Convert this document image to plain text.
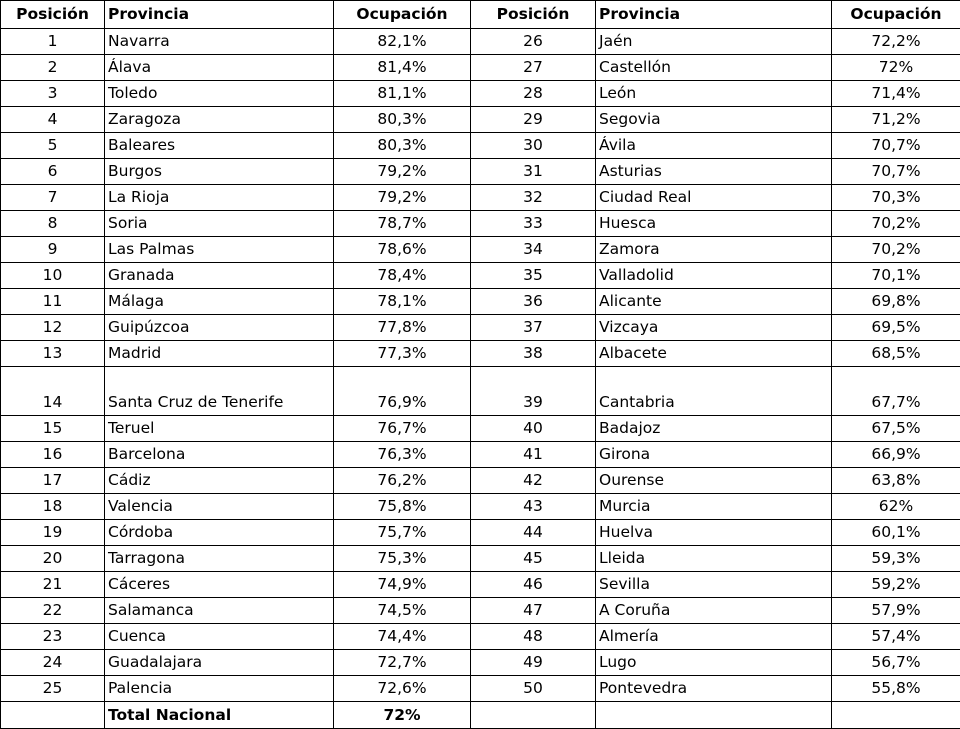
Posición	Provincia	Ocupación	Posición	Provincia	Ocupación
1	Navarra	82,1%	26	Jaén	72,2%
2	Álava	81,4%	27	Castellón	72%
3	Toledo	81,1%	28	León	71,4%
4	Zaragoza	80,3%	29	Segovia	71,2%
5	Baleares	80,3%	30	Ávila	70,7%
6	Burgos	79,2%	31	Asturias	70,7%
7	La Rioja	79,2%	32	Ciudad Real	70,3%
8	Soria	78,7%	33	Huesca	70,2%
9	Las Palmas	78,6%	34	Zamora	70,2%
10	Granada	78,4%	35	Valladolid	70,1%
11	Málaga	78,1%	36	Alicante	69,8%
12	Guipúzcoa	77,8%	37	Vizcaya	69,5%
13	Madrid	77,3%	38	Albacete	68,5%
14	Santa Cruz de Tenerife	76,9%	39	Cantabria	67,7%
15	Teruel	76,7%	40	Badajoz	67,5%
16	Barcelona	76,3%	41	Girona	66,9%
17	Cádiz	76,2%	42	Ourense	63,8%
18	Valencia	75,8%	43	Murcia	62%
19	Córdoba	75,7%	44	Huelva	60,1%
20	Tarragona	75,3%	45	Lleida	59,3%
21	Cáceres	74,9%	46	Sevilla	59,2%
22	Salamanca	74,5%	47	A Coruña	57,9%
23	Cuenca	74,4%	48	Almería	57,4%
24	Guadalajara	72,7%	49	Lugo	56,7%
25	Palencia	72,6%	50	Pontevedra	55,8%
	Total Nacional	72%			
